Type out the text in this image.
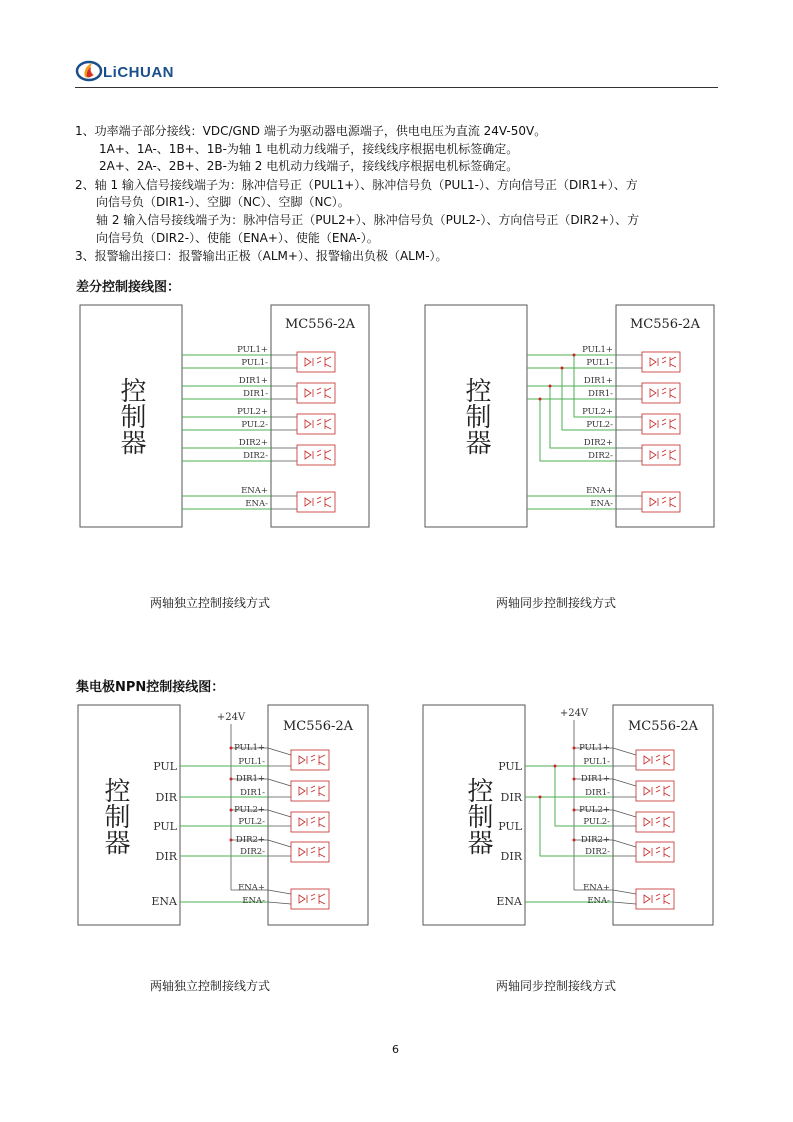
LiCHUAN
1、功率端子部分接线：VDC/GND 端子为驱动器电源端子，供电电压为直流 24V-50V。
1A+、1A-、1B+、1B-为轴 1 电机动力线端子，接线线序根据电机标签确定。
2A+、2A-、2B+、2B-为轴 2 电机动力线端子，接线线序根据电机标签确定。
2、轴 1 输入信号接线端子为：脉冲信号正（PUL1+）、脉冲信号负（PUL1-）、方向信号正（DIR1+）、方
向信号负（DIR1-）、空脚（NC）、空脚（NC）。
轴 2 输入信号接线端子为：脉冲信号正（PUL2+）、脉冲信号负（PUL2-）、方向信号正（DIR2+）、方
向信号负（DIR2-）、使能（ENA+）、使能（ENA-）。
3、报警输出接口：报警输出正极（ALM+）、报警输出负极（ALM-）。
差分控制接线图：
控制器
MC556-2A
PUL1+
PUL1-
DIR1+
DIR1-
PUL2+
PUL2-
DIR2+
DIR2-
ENA+
ENA-
控制器
MC556-2A
PUL1+
PUL1-
DIR1+
DIR1-
PUL2+
PUL2-
DIR2+
DIR2-
ENA+
ENA-
两轴独立控制接线方式	两轴同步控制接线方式
集电极NPN控制接线图：
控制器
PUL
DIR
PUL
DIR
ENA
+24V
MC556-2A
PUL1+
PUL1-
DIR1+
DIR1-
PUL2+
PUL2-
DIR2+
DIR2-
ENA+
ENA-
控制器
PUL
DIR
PUL
DIR
ENA
+24V
MC556-2A
PUL1+
PUL1-
DIR1+
DIR1-
PUL2+
PUL2-
DIR2+
DIR2-
ENA+
ENA-
两轴独立控制接线方式	两轴同步控制接线方式
6
